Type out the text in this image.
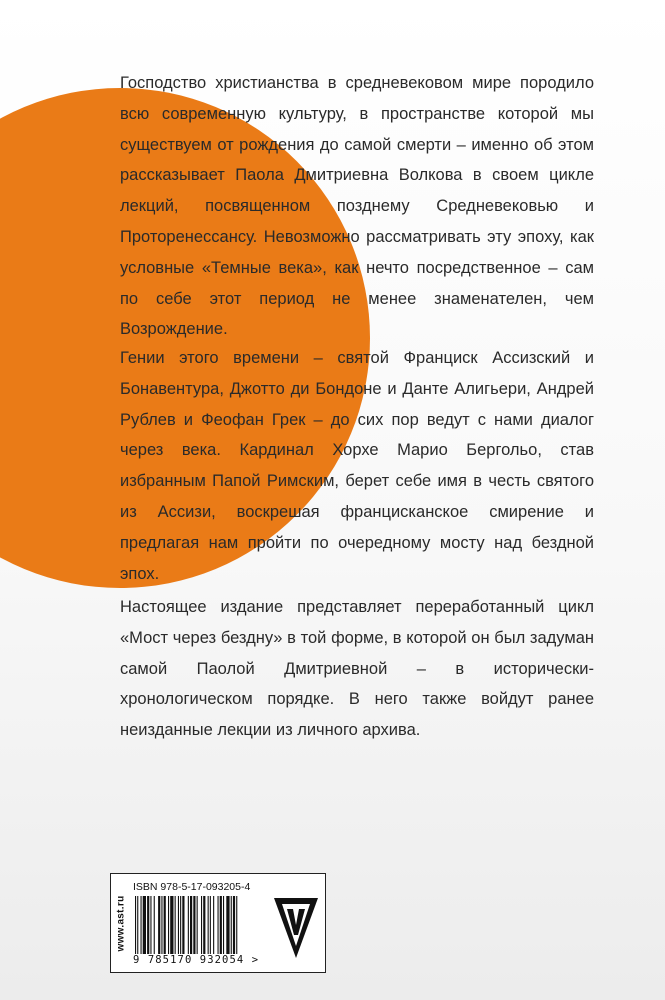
Господство христианства в средневековом мире породило всю современную культуру, в пространстве которой мы существуем от рождения до самой смерти – именно об этом рассказывает Паола Дмитриевна Волкова в своем цикле лекций, посвященном позднему Средневековью и Проторенессансу. Невозможно рассматривать эту эпоху, как условные «Темные века», как нечто посредственное – сам по себе этот период не менее знаменателен, чем Возрождение.

Гении этого времени – святой Франциск Ассизский и Бонавентура, Джотто ди Бондоне и Данте Алигьери, Андрей Рублев и Феофан Грек – до сих пор ведут с нами диалог через века. Кардинал Хорхе Марио Бергольо, став избранным Папой Римским, берет себе имя в честь святого из Ассизи, воскрешая францисканское смирение и предлагая нам пройти по очередному мосту над бездной эпох.

Настоящее издание представляет переработанный цикл «Мост через бездну» в той форме, в которой он был задуман самой Паолой Дмитриевной – в исторически-хронологическом порядке. В него также войдут ранее неизданные лекции из личного архива.

www.ast.ru
ISBN 978-5-17-093205-4
9 785170 932054 >
